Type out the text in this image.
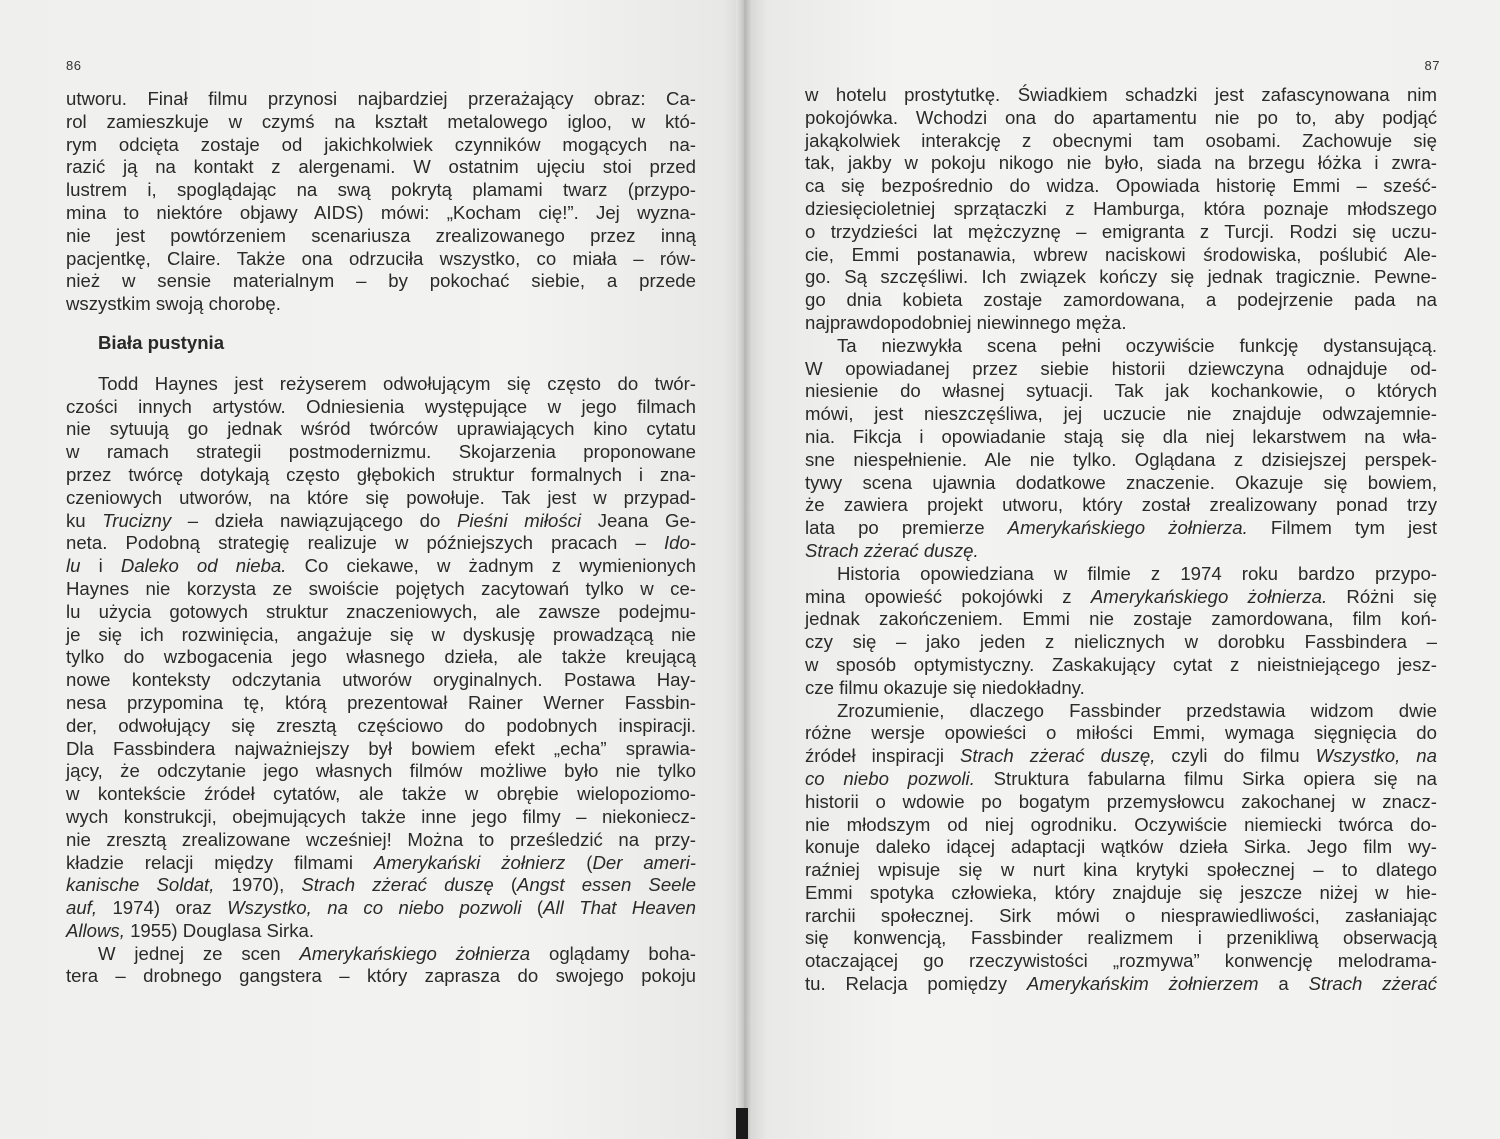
86
utworu. Finał filmu przynosi najbardziej przerażający obraz: Ca-
rol zamieszkuje w czymś na kształt metalowego igloo, w któ-
rym odcięta zostaje od jakichkolwiek czynników mogących na-
razić ją na kontakt z alergenami. W ostatnim ujęciu stoi przed
lustrem i, spoglądając na swą pokrytą plamami twarz (przypo-
mina to niektóre objawy AIDS) mówi: „Kocham cię!”. Jej wyzna-
nie jest powtórzeniem scenariusza zrealizowanego przez inną
pacjentkę, Claire. Także ona odrzuciła wszystko, co miała – rów-
nież w sensie materialnym – by pokochać siebie, a przede
wszystkim swoją chorobę.
Biała pustynia
Todd Haynes jest reżyserem odwołującym się często do twór-
czości innych artystów. Odniesienia występujące w jego filmach
nie sytuują go jednak wśród twórców uprawiających kino cytatu
w ramach strategii postmodernizmu. Skojarzenia proponowane
przez twórcę dotykają często głębokich struktur formalnych i zna-
czeniowych utworów, na które się powołuje. Tak jest w przypad-
ku Trucizny – dzieła nawiązującego do Pieśni miłości Jeana Ge-
neta. Podobną strategię realizuje w późniejszych pracach – Ido-
lu i Daleko od nieba. Co ciekawe, w żadnym z wymienionych
Haynes nie korzysta ze swoiście pojętych zacytowań tylko w ce-
lu użycia gotowych struktur znaczeniowych, ale zawsze podejmu-
je się ich rozwinięcia, angażuje się w dyskusję prowadzącą nie
tylko do wzbogacenia jego własnego dzieła, ale także kreującą
nowe konteksty odczytania utworów oryginalnych. Postawa Hay-
nesa przypomina tę, którą prezentował Rainer Werner Fassbin-
der, odwołujący się zresztą częściowo do podobnych inspiracji.
Dla Fassbindera najważniejszy był bowiem efekt „echa” sprawia-
jący, że odczytanie jego własnych filmów możliwe było nie tylko
w kontekście źródeł cytatów, ale także w obrębie wielopoziomo-
wych konstrukcji, obejmujących także inne jego filmy – niekoniecz-
nie zresztą zrealizowane wcześniej! Można to prześledzić na przy-
kładzie relacji między filmami Amerykański żołnierz (Der ameri-
kanische Soldat, 1970), Strach zżerać duszę (Angst essen Seele
auf, 1974) oraz Wszystko, na co niebo pozwoli (All That Heaven
Allows, 1955) Douglasa Sirka.
W jednej ze scen Amerykańskiego żołnierza oglądamy boha-
tera – drobnego gangstera – który zaprasza do swojego pokoju
87
w hotelu prostytutkę. Świadkiem schadzki jest zafascynowana nim
pokojówka. Wchodzi ona do apartamentu nie po to, aby podjąć
jakąkolwiek interakcję z obecnymi tam osobami. Zachowuje się
tak, jakby w pokoju nikogo nie było, siada na brzegu łóżka i zwra-
ca się bezpośrednio do widza. Opowiada historię Emmi – sześć-
dziesięcioletniej sprzątaczki z Hamburga, która poznaje młodszego
o trzydzieści lat mężczyznę – emigranta z Turcji. Rodzi się uczu-
cie, Emmi postanawia, wbrew naciskowi środowiska, poślubić Ale-
go. Są szczęśliwi. Ich związek kończy się jednak tragicznie. Pewne-
go dnia kobieta zostaje zamordowana, a podejrzenie pada na
najprawdopodobniej niewinnego męża.
Ta niezwykła scena pełni oczywiście funkcję dystansującą.
W opowiadanej przez siebie historii dziewczyna odnajduje od-
niesienie do własnej sytuacji. Tak jak kochankowie, o których
mówi, jest nieszczęśliwa, jej uczucie nie znajduje odwzajemnie-
nia. Fikcja i opowiadanie stają się dla niej lekarstwem na wła-
sne niespełnienie. Ale nie tylko. Oglądana z dzisiejszej perspek-
tywy scena ujawnia dodatkowe znaczenie. Okazuje się bowiem,
że zawiera projekt utworu, który został zrealizowany ponad trzy
lata po premierze Amerykańskiego żołnierza. Filmem tym jest
Strach zżerać duszę.
Historia opowiedziana w filmie z 1974 roku bardzo przypo-
mina opowieść pokojówki z Amerykańskiego żołnierza. Różni się
jednak zakończeniem. Emmi nie zostaje zamordowana, film koń-
czy się – jako jeden z nielicznych w dorobku Fassbindera –
w sposób optymistyczny. Zaskakujący cytat z nieistniejącego jesz-
cze filmu okazuje się niedokładny.
Zrozumienie, dlaczego Fassbinder przedstawia widzom dwie
różne wersje opowieści o miłości Emmi, wymaga sięgnięcia do
źródeł inspiracji Strach zżerać duszę, czyli do filmu Wszystko, na
co niebo pozwoli. Struktura fabularna filmu Sirka opiera się na
historii o wdowie po bogatym przemysłowcu zakochanej w znacz-
nie młodszym od niej ogrodniku. Oczywiście niemiecki twórca do-
konuje daleko idącej adaptacji wątków dzieła Sirka. Jego film wy-
raźniej wpisuje się w nurt kina krytyki społecznej – to dlatego
Emmi spotyka człowieka, który znajduje się jeszcze niżej w hie-
rarchii społecznej. Sirk mówi o niesprawiedliwości, zasłaniając
się konwencją, Fassbinder realizmem i przenikliwą obserwacją
otaczającej go rzeczywistości „rozmywa” konwencję melodrama-
tu. Relacja pomiędzy Amerykańskim żołnierzem a Strach zżerać
